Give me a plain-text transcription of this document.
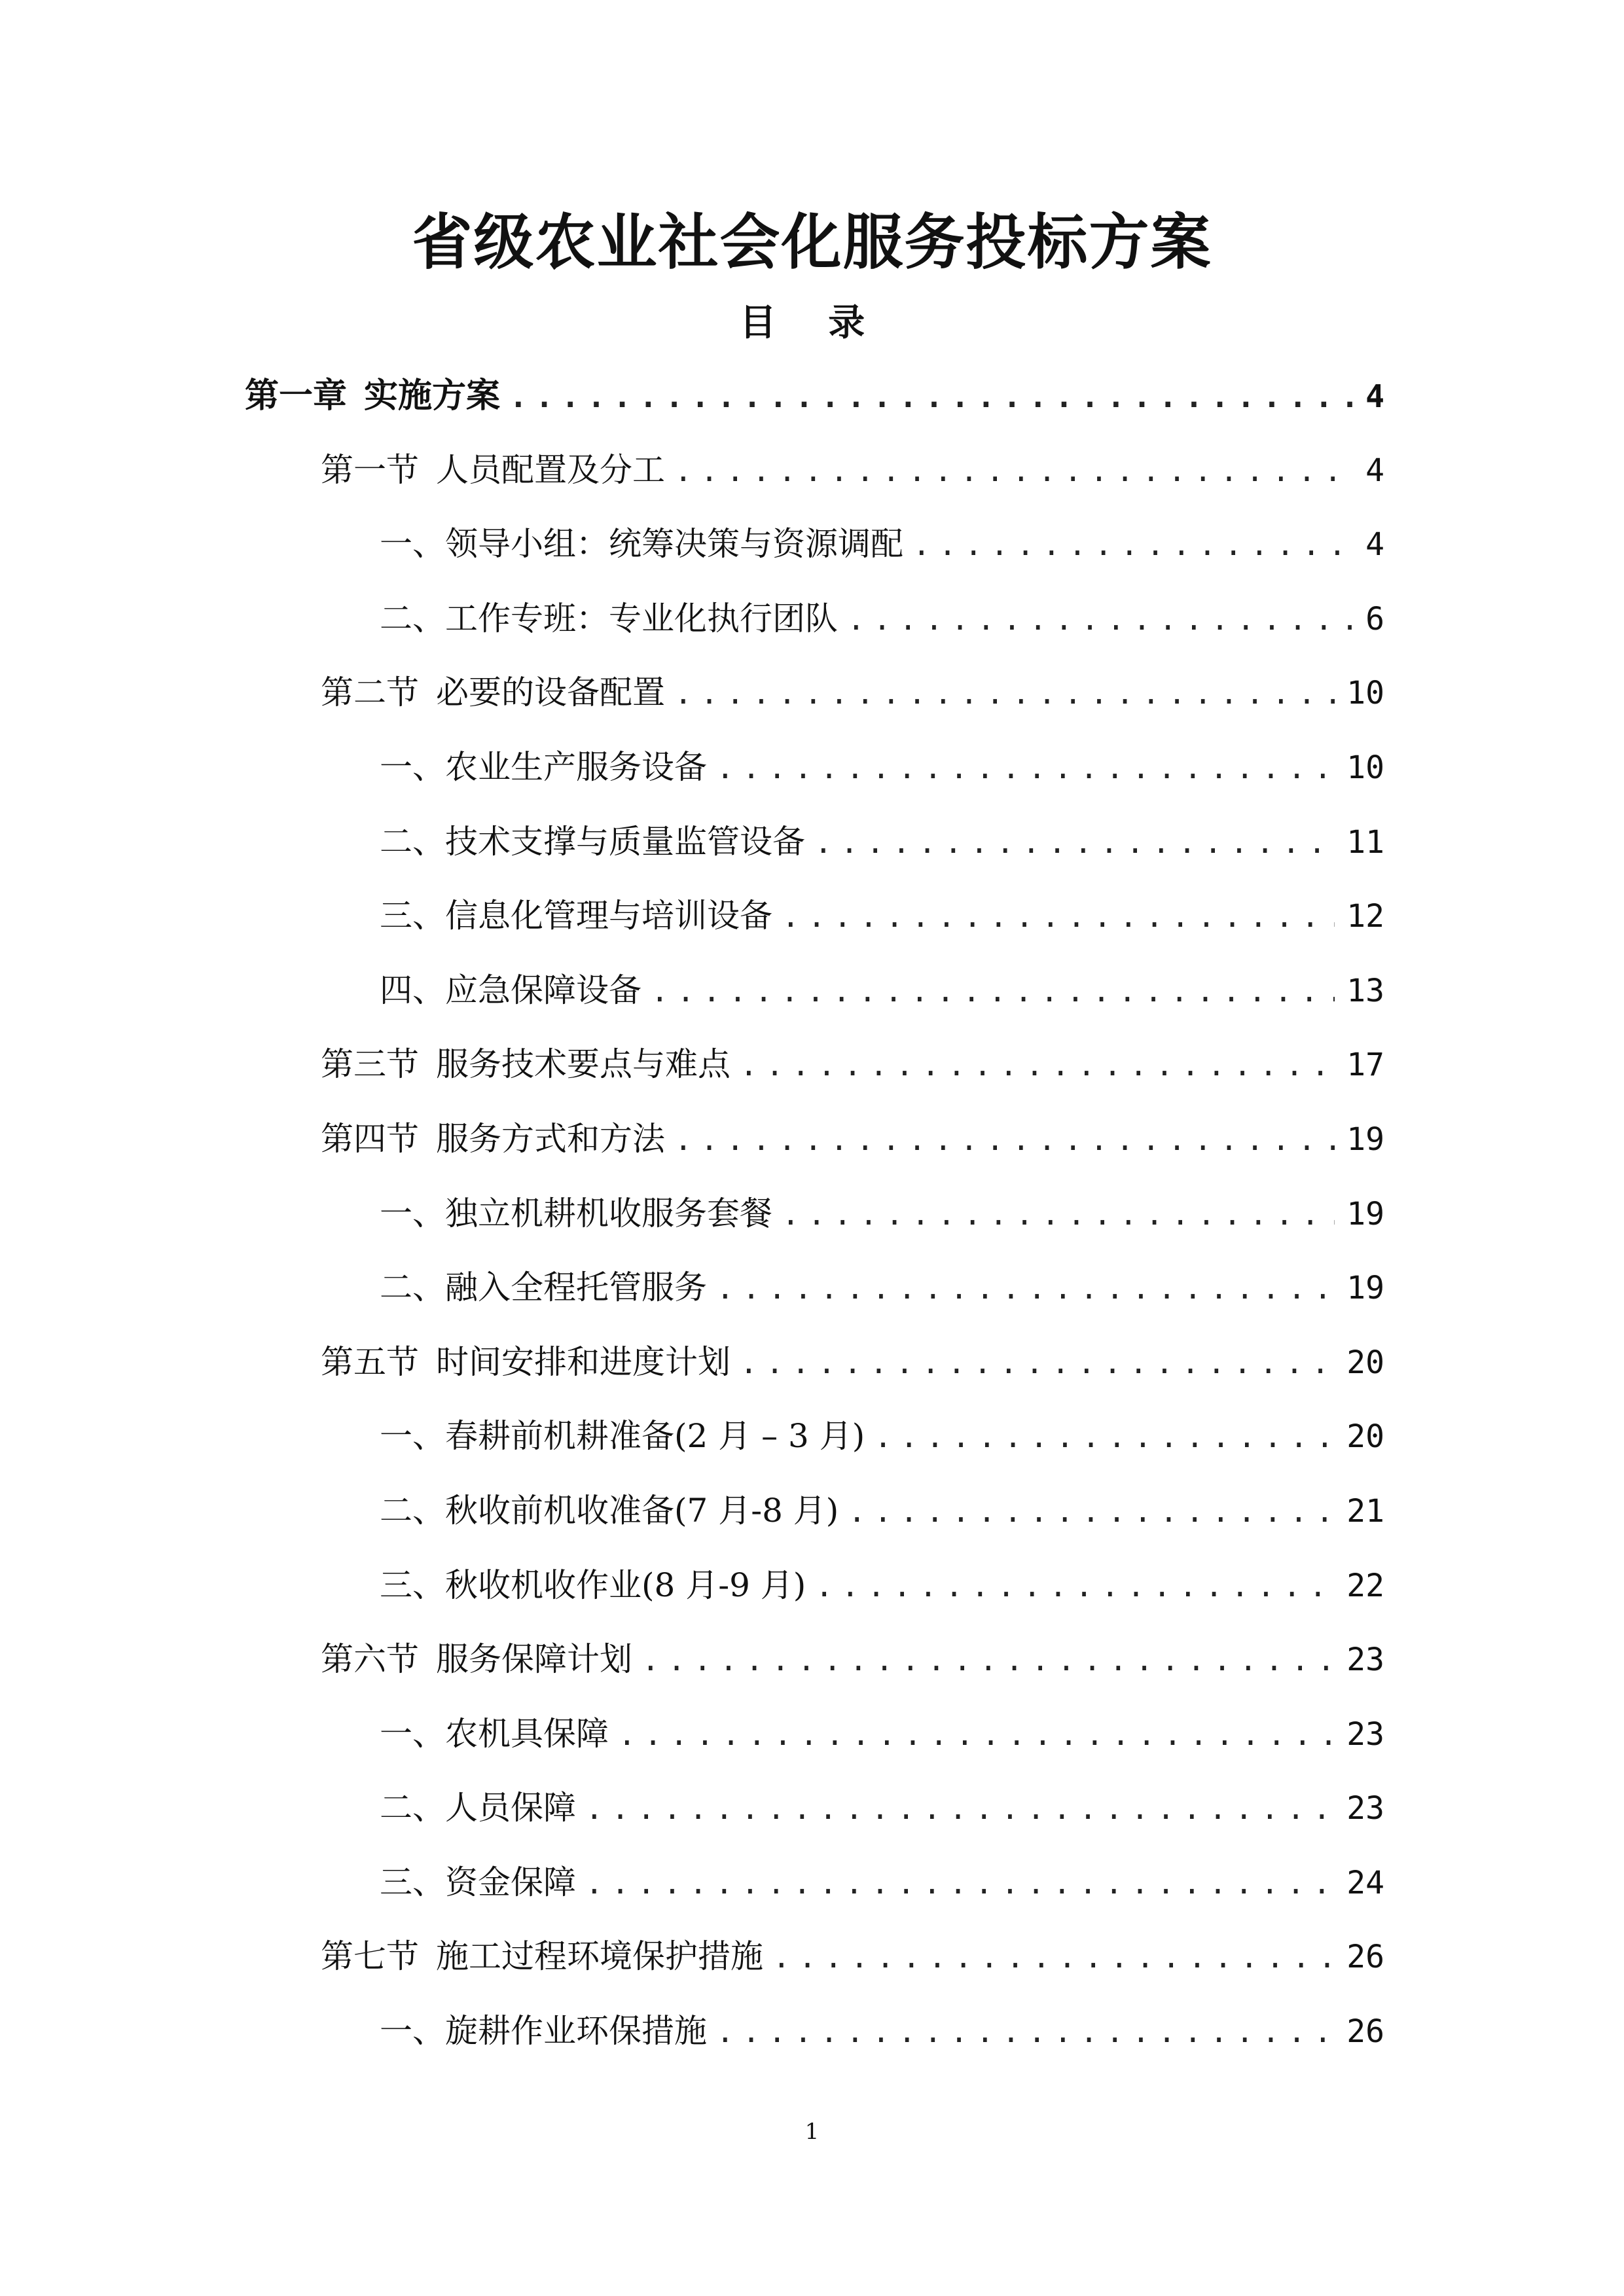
省级农业社会化服务投标方案
目 录
第一章 实施方案 .....	4
第一节 人员配置及分工 .....	4
一、领导小组：统筹决策与资源调配 .....	4
二、工作专班：专业化执行团队 .....	6
第二节 必要的设备配置 .....	10
一、农业生产服务设备 .....	10
二、技术支撑与质量监管设备 .....	11
三、信息化管理与培训设备 .....	12
四、应急保障设备 .....	13
第三节 服务技术要点与难点 .....	17
第四节 服务方式和方法 .....	19
一、独立机耕机收服务套餐 .....	19
二、融入全程托管服务 .....	19
第五节 时间安排和进度计划 .....	20
一、春耕前机耕准备(2 月 – 3 月) .....	20
二、秋收前机收准备(7 月-8 月) .....	21
三、秋收机收作业(8 月-9 月) .....	22
第六节 服务保障计划 .....	23
一、农机具保障 .....	23
二、人员保障 .....	23
三、资金保障 .....	24
第七节 施工过程环境保护措施 .....	26
一、旋耕作业环保措施 .....	26

1
